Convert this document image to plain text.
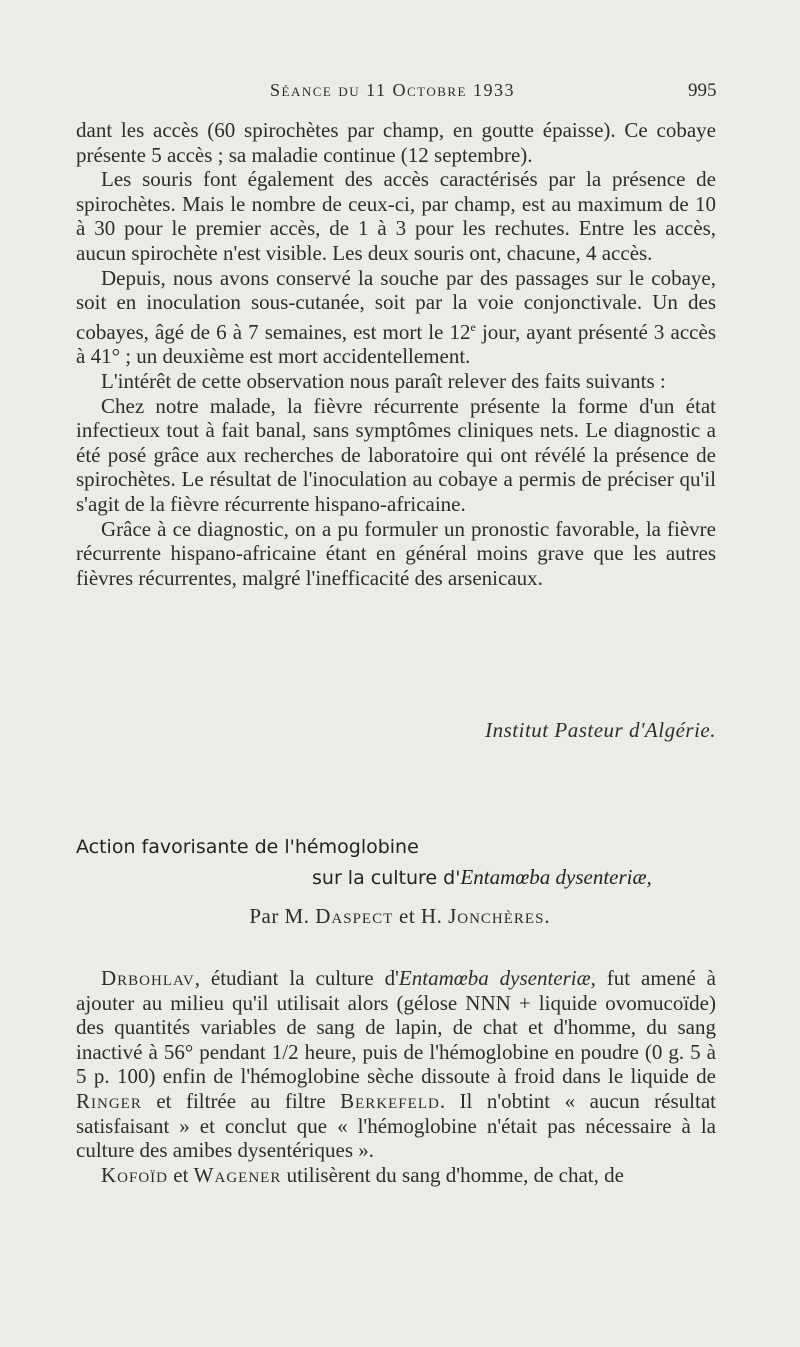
Séance du 11 Octobre 1933	995

dant les accès (60 spirochètes par champ, en goutte épaisse). Ce cobaye présente 5 accès ; sa maladie continue (12 septembre).

Les souris font également des accès caractérisés par la présence de spirochètes. Mais le nombre de ceux-ci, par champ, est au maximum de 10 à 30 pour le premier accès, de 1 à 3 pour les rechutes. Entre les accès, aucun spirochète n'est visible. Les deux souris ont, chacune, 4 accès.

Depuis, nous avons conservé la souche par des passages sur le cobaye, soit en inoculation sous-cutanée, soit par la voie conjonctivale. Un des cobayes, âgé de 6 à 7 semaines, est mort le 12e jour, ayant présenté 3 accès à 41° ; un deuxième est mort accidentellement.

L'intérêt de cette observation nous paraît relever des faits suivants :

Chez notre malade, la fièvre récurrente présente la forme d'un état infectieux tout à fait banal, sans symptômes cliniques nets. Le diagnostic a été posé grâce aux recherches de laboratoire qui ont révélé la présence de spirochètes. Le résultat de l'inoculation au cobaye a permis de préciser qu'il s'agit de la fièvre récurrente hispano-africaine.

Grâce à ce diagnostic, on a pu formuler un pronostic favorable, la fièvre récurrente hispano-africaine étant en général moins grave que les autres fièvres récurrentes, malgré l'inefficacité des arsenicaux.

Institut Pasteur d'Algérie.
Action favorisante de l'hémoglobine
sur la culture d'Entamœba dysenteriæ,
Par M. Daspect et H. Jonchères.

Drbohlav, étudiant la culture d'Entamœba dysenteriæ, fut amené à ajouter au milieu qu'il utilisait alors (gélose NNN + liquide ovomucoïde) des quantités variables de sang de lapin, de chat et d'homme, du sang inactivé à 56° pendant 1/2 heure, puis de l'hémoglobine en poudre (0 g. 5 à 5 p. 100) enfin de l'hémoglobine sèche dissoute à froid dans le liquide de Ringer et filtrée au filtre Berkefeld. Il n'obtint « aucun résultat satisfaisant » et conclut que « l'hémoglobine n'était pas nécessaire à la culture des amibes dysentériques ».

Kofoïd et Wagener utilisèrent du sang d'homme, de chat, de
